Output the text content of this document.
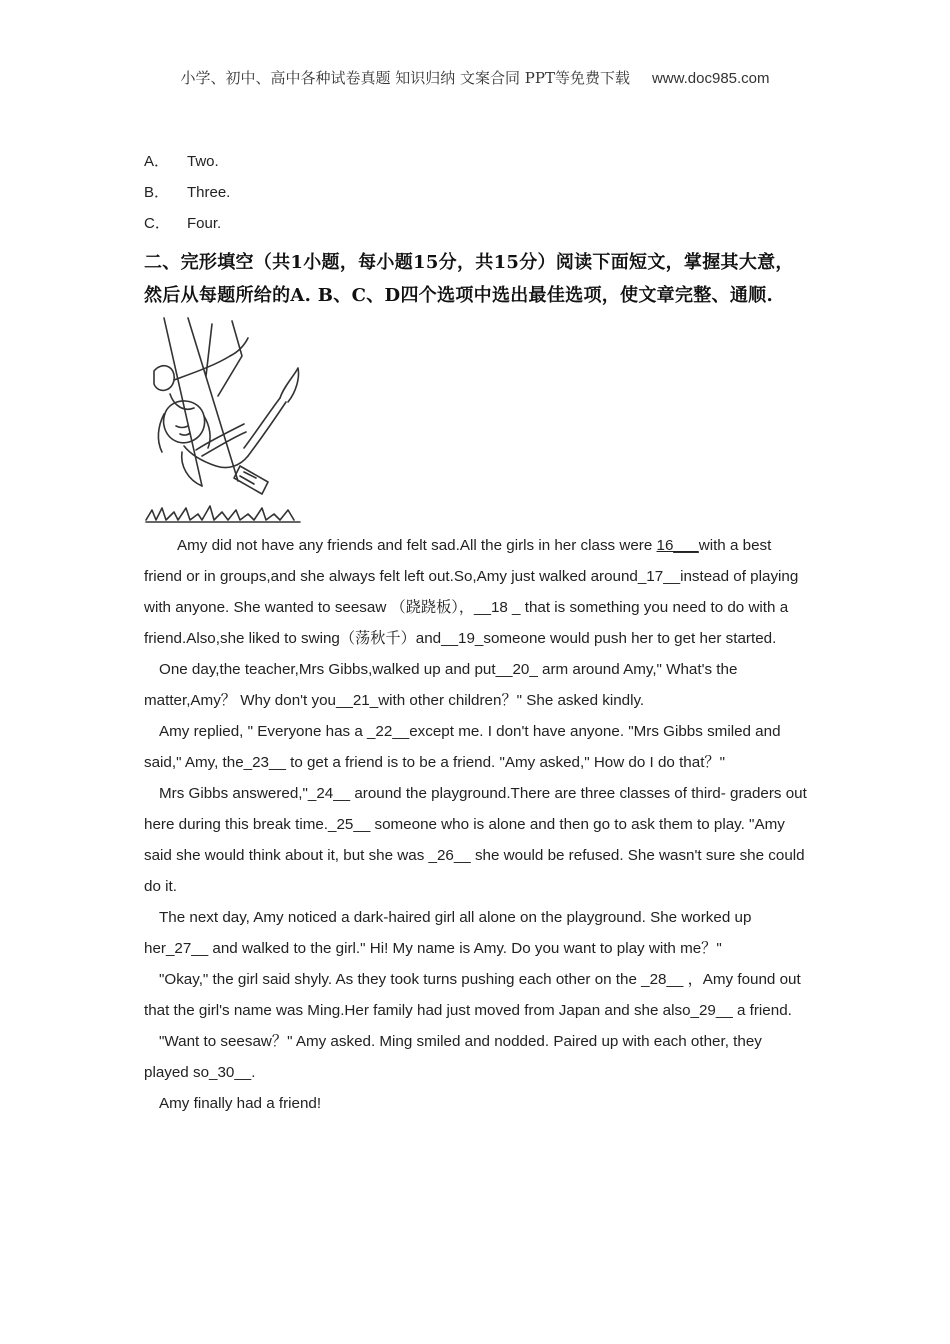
小学、初中、高中各种试卷真题 知识归纳 文案合同 PPT等免费下载 www.doc985.com
A． Two.
B． Three.
C． Four.
二、完形填空（共1小题，每小题15分，共15分）阅读下面短文，掌握其大意，然后从每题所给的A. B、C、D四个选项中选出最佳选项，使文章完整、通顺.
Amy did not have any friends and felt sad.All the girls in her class were 16___with a best friend or in groups,and she always felt left out.So,Amy just walked around_17__instead of playing with anyone. She wanted to seesaw （跷跷板），__18 _ that is something you need to do with a friend.Also,she liked to swing（荡秋千）and__19_someone would push her to get her started.
One day,the teacher,Mrs Gibbs,walked up and put__20_ arm around Amy," What's the matter,Amy？ Why don't you__21_with other children？" She asked kindly.
Amy replied, " Everyone has a _22__except me. I don't have anyone. "Mrs Gibbs smiled and said," Amy, the_23__ to get a friend is to be a friend. "Amy asked," How do I do that？"
Mrs Gibbs answered,"_24__ around the playground.There are three classes of third- graders out here during this break time._25__ someone who is alone and then go to ask them to play. "Amy said she would think about it, but she was _26__ she would be refused. She wasn't sure she could do it.
The next day, Amy noticed a dark-haired girl all alone on the playground. She worked up her_27__ and walked to the girl." Hi! My name is Amy. Do you want to play with me？"
"Okay," the girl said shyly. As they took turns pushing each other on the _28__ ，Amy found out that the girl's name was Ming.Her family had just moved from Japan and she also_29__ a friend.
"Want to seesaw？" Amy asked. Ming smiled and nodded. Paired up with each other, they played so_30__.
Amy finally had a friend!
